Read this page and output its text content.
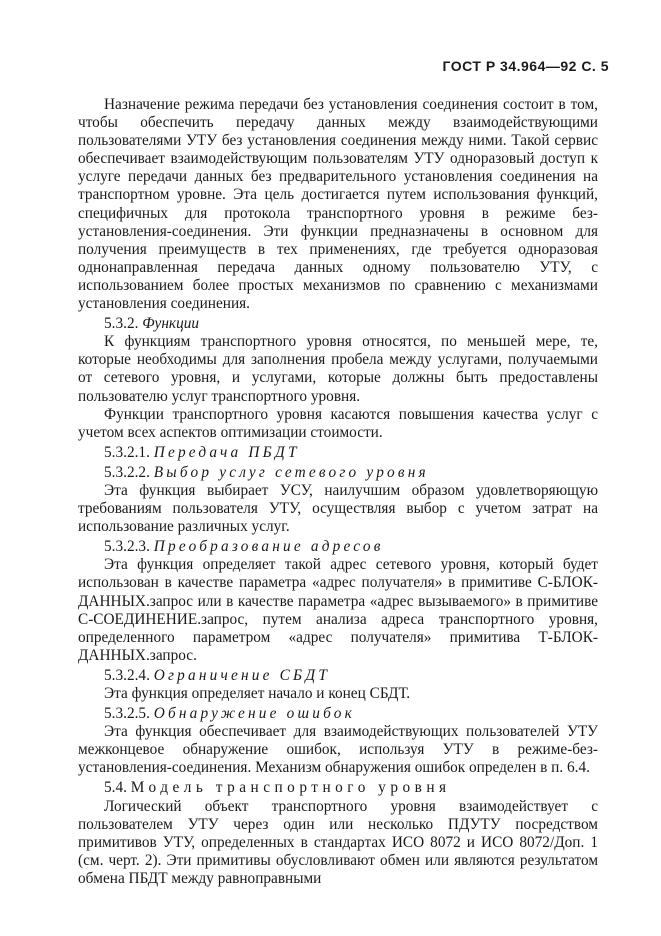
ГОСТ Р 34.964—92 С. 5

Назначение режима передачи без установления соединения состоит в том, чтобы обеспечить передачу данных между взаимодействующими пользователями УТУ без установления соединения между ними. Такой сервис обеспечивает взаимодействующим пользователям УТУ одноразовый доступ к услуге передачи данных без предварительного установления соединения на транспортном уровне. Эта цель достигается путем использования функций, специфичных для протокола транспортного уровня в режиме без-установления-соединения. Эти функции предназначены в основном для получения преимуществ в тех применениях, где требуется одноразовая однонаправленная передача данных одному пользователю УТУ, с использованием более простых механизмов по сравнению с механизмами установления соединения.

5.3.2. Функции

К функциям транспортного уровня относятся, по меньшей мере, те, которые необходимы для заполнения пробела между услугами, получаемыми от сетевого уровня, и услугами, которые должны быть предоставлены пользователю услуг транспортного уровня.

Функции транспортного уровня касаются повышения качества услуг с учетом всех аспектов оптимизации стоимости.

5.3.2.1. Передача ПБДТ

5.3.2.2. Выбор услуг сетевого уровня

Эта функция выбирает УСУ, наилучшим образом удовлетворяющую требованиям пользователя УТУ, осуществляя выбор с учетом затрат на использование различных услуг.

5.3.2.3. Преобразование адресов

Эта функция определяет такой адрес сетевого уровня, который будет использован в качестве параметра «адрес получателя» в примитиве С-БЛОК-ДАННЫХ.запрос или в качестве параметра «адрес вызываемого» в примитиве С-СОЕДИНЕНИЕ.запрос, путем анализа адреса транспортного уровня, определенного параметром «адрес получателя» примитива Т-БЛОК-ДАННЫХ.запрос.

5.3.2.4. Ограничение СБДТ

Эта функция определяет начало и конец СБДТ.

5.3.2.5. Обнаружение ошибок

Эта функция обеспечивает для взаимодействующих пользователей УТУ межконцевое обнаружение ошибок, используя УТУ в режиме-без-установления-соединения. Механизм обнаружения ошибок определен в п. 6.4.

5.4. Модель транспортного уровня

Логический объект транспортного уровня взаимодействует с пользователем УТУ через один или несколько ПДУТУ посредством примитивов УТУ, определенных в стандартах ИСО 8072 и ИСО 8072/Доп. 1 (см. черт. 2). Эти примитивы обусловливают обмен или являются результатом обмена ПБДТ между равноправными
